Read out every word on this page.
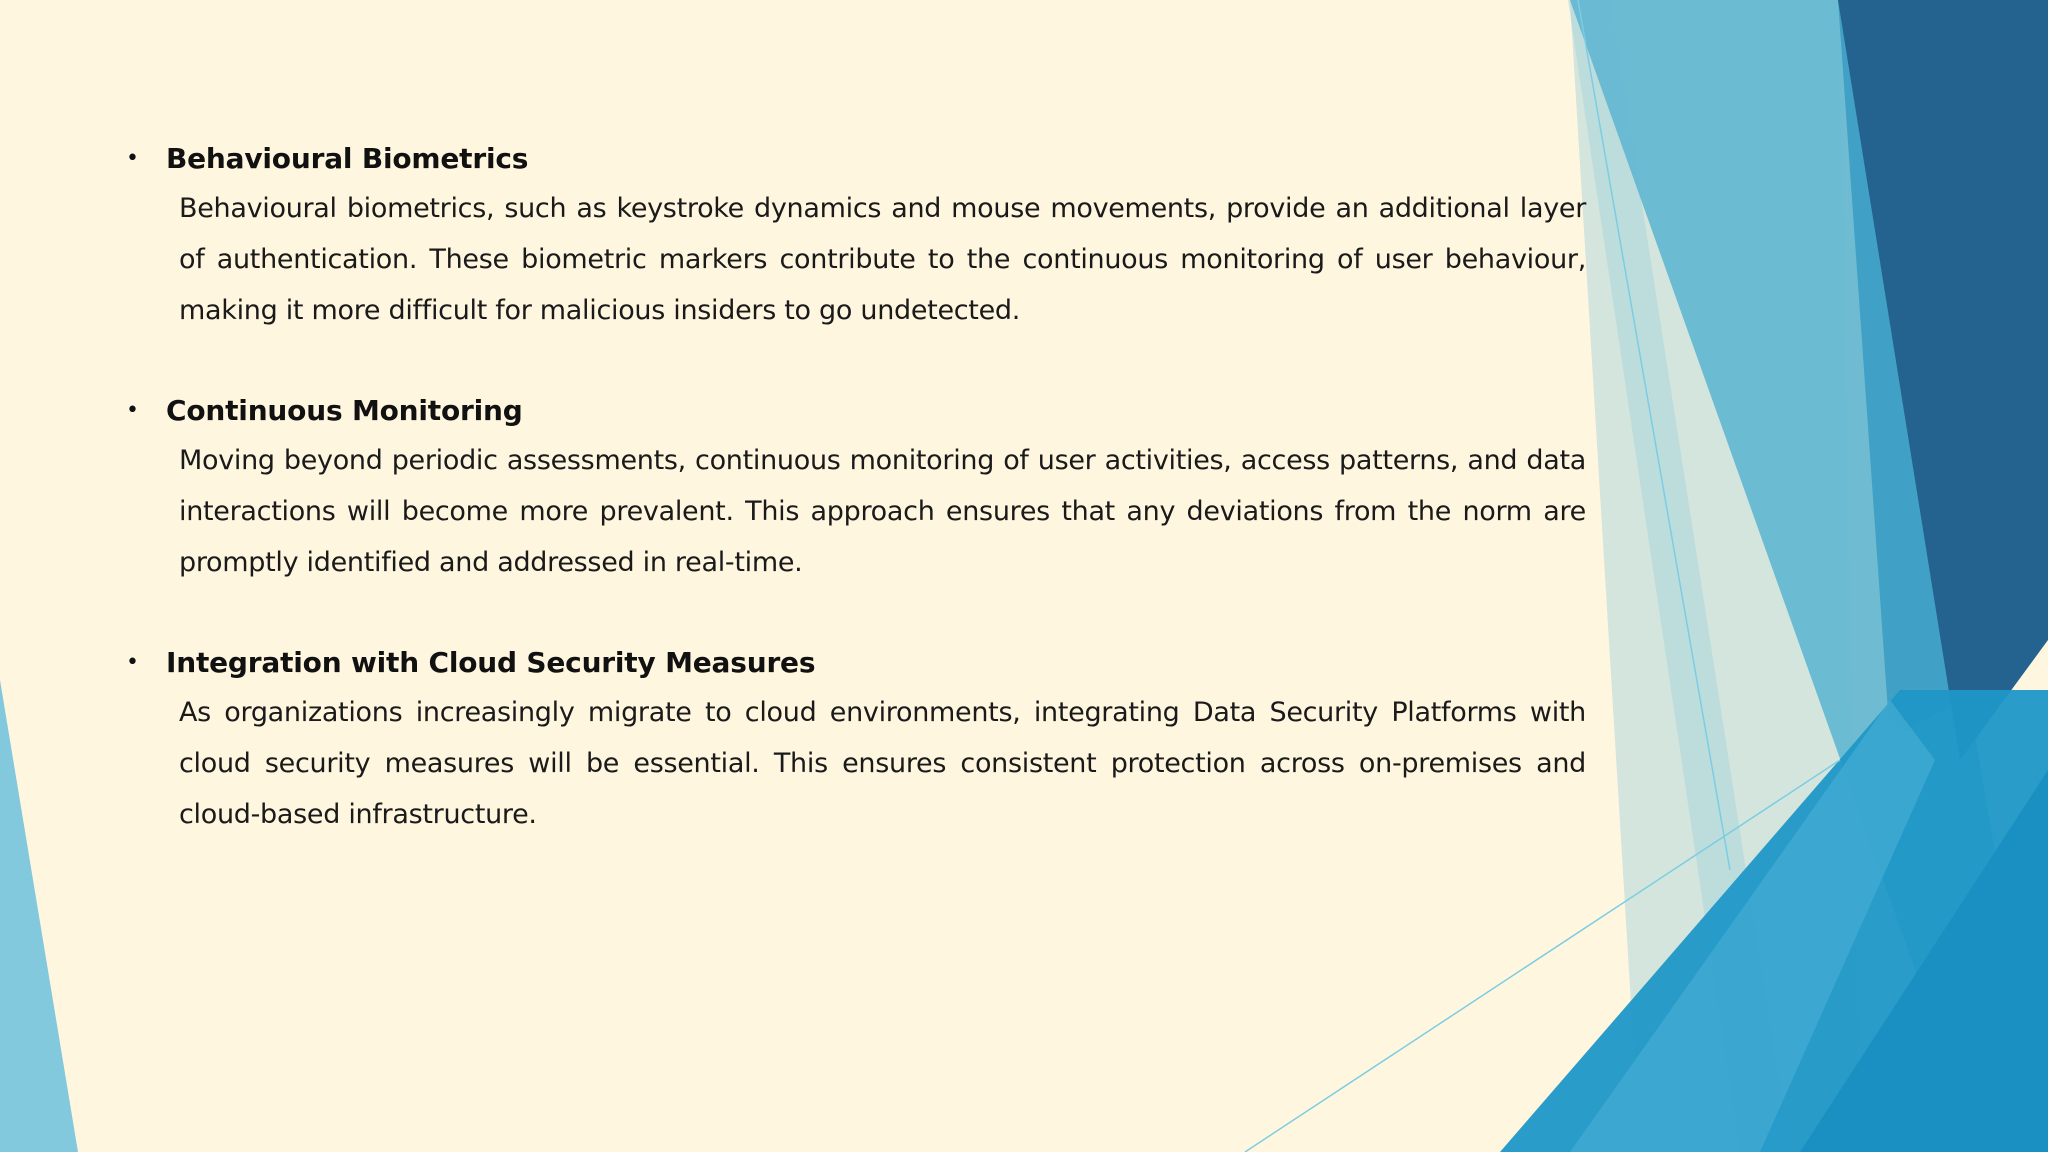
• Behavioural Biometrics
Behavioural biometrics, such as keystroke dynamics and mouse movements, provide an additional layer of authentication. These biometric markers contribute to the continuous monitoring of user behaviour, making it more difficult for malicious insiders to go undetected.
• Continuous Monitoring
Moving beyond periodic assessments, continuous monitoring of user activities, access patterns, and data interactions will become more prevalent. This approach ensures that any deviations from the norm are promptly identified and addressed in real-time.
• Integration with Cloud Security Measures
As organizations increasingly migrate to cloud environments, integrating Data Security Platforms with cloud security measures will be essential. This ensures consistent protection across on-premises and cloud-based infrastructure.
